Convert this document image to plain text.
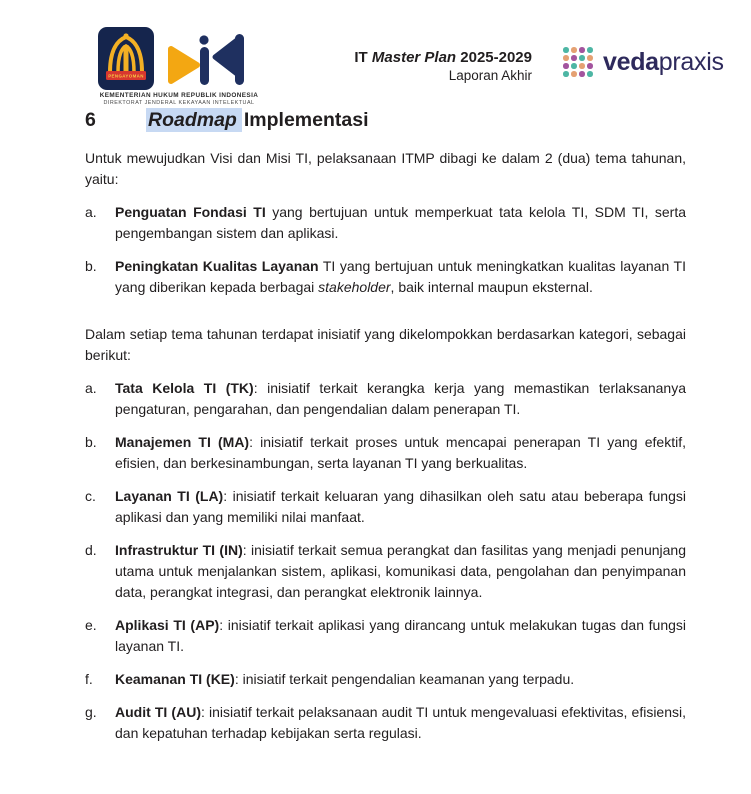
PENGAYOMAN
KEMENTERIAN HUKUM REPUBLIK INDONESIA
DIREKTORAT JENDERAL KEKAYAAN INTELEKTUAL
IT Master Plan 2025-2029
Laporan Akhir	vedapraxis
6	Roadmap Implementasi

Untuk mewujudkan Visi dan Misi TI, pelaksanaan ITMP dibagi ke dalam 2 (dua) tema tahunan, yaitu:

a.	Penguatan Fondasi TI yang bertujuan untuk memperkuat tata kelola TI, SDM TI, serta pengembangan sistem dan aplikasi.
b.	Peningkatan Kualitas Layanan TI yang bertujuan untuk meningkatkan kualitas layanan TI yang diberikan kepada berbagai stakeholder, baik internal maupun eksternal.

Dalam setiap tema tahunan terdapat inisiatif yang dikelompokkan berdasarkan kategori, sebagai berikut:

a.	Tata Kelola TI (TK): inisiatif terkait kerangka kerja yang memastikan terlaksananya pengaturan, pengarahan, dan pengendalian dalam penerapan TI.
b.	Manajemen TI (MA): inisiatif terkait proses untuk mencapai penerapan TI yang efektif, efisien, dan berkesinambungan, serta layanan TI yang berkualitas.
c.	Layanan TI (LA): inisiatif terkait keluaran yang dihasilkan oleh satu atau beberapa fungsi aplikasi dan yang memiliki nilai manfaat.
d.	Infrastruktur TI (IN): inisiatif terkait semua perangkat dan fasilitas yang menjadi penunjang utama untuk menjalankan sistem, aplikasi, komunikasi data, pengolahan dan penyimpanan data, perangkat integrasi, dan perangkat elektronik lainnya.
e.	Aplikasi TI (AP): inisiatif terkait aplikasi yang dirancang untuk melakukan tugas dan fungsi layanan TI.
f.	Keamanan TI (KE): inisiatif terkait pengendalian keamanan yang terpadu.
g.	Audit TI (AU): inisiatif terkait pelaksanaan audit TI untuk mengevaluasi efektivitas, efisiensi, dan kepatuhan terhadap kebijakan serta regulasi.
